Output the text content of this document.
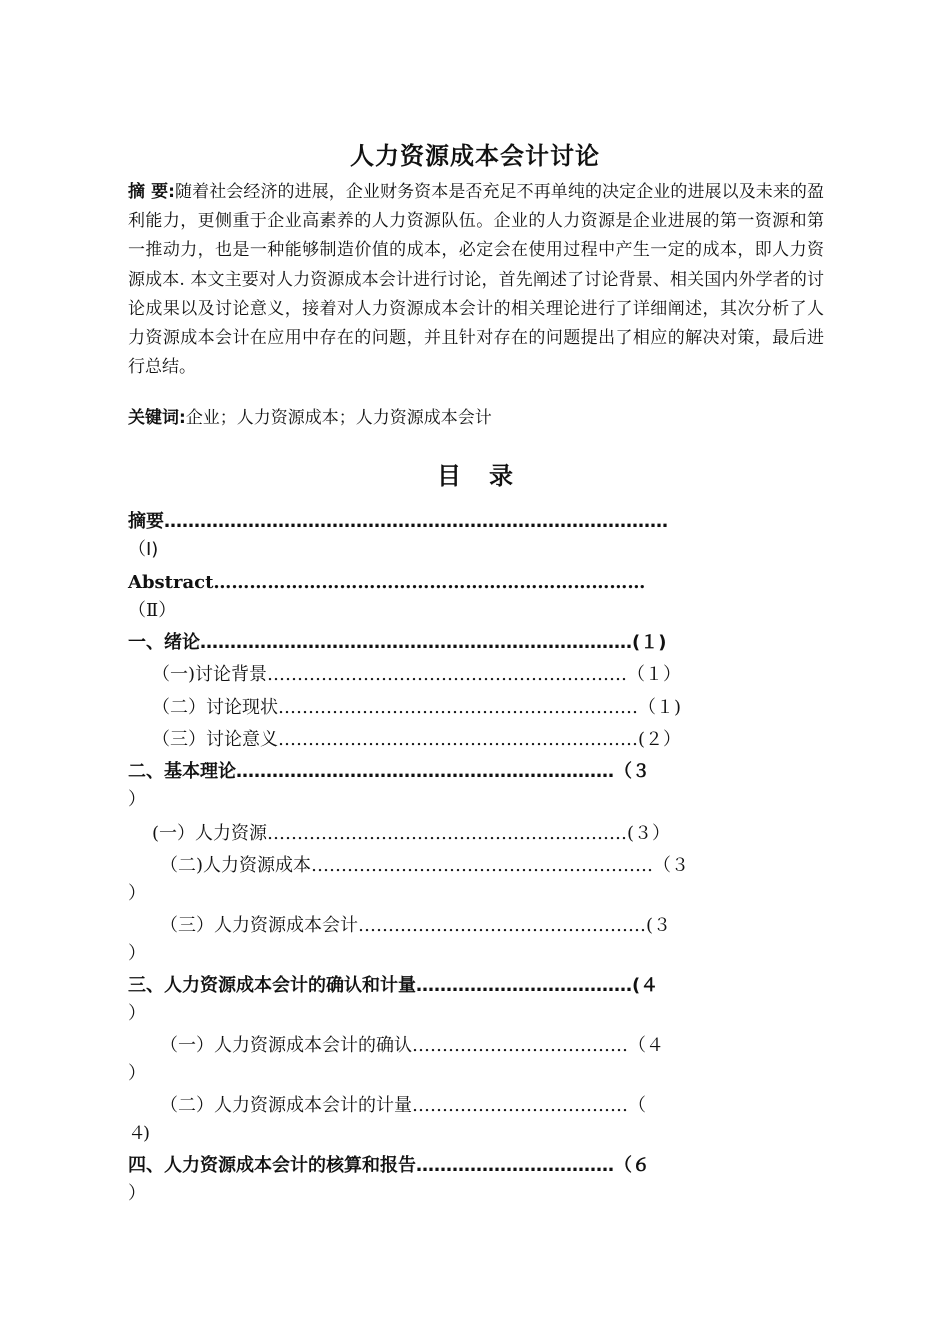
人力资源成本会计讨论

摘 要:随着社会经济的进展，企业财务资本是否充足不再单纯的决定企业的进展以及未来的盈利能力，更侧重于企业高素养的人力资源队伍。企业的人力资源是企业进展的第一资源和第一推动力，也是一种能够制造价值的成本，必定会在使用过程中产生一定的成本，即人力资源成本. 本文主要对人力资源成本会计进行讨论，首先阐述了讨论背景、相关国内外学者的讨论成果以及讨论意义，接着对人力资源成本会计的相关理论进行了详细阐述，其次分析了人力资源成本会计在应用中存在的问题，并且针对存在的问题提出了相应的解决对策，最后进行总结。

关键词:企业；人力资源成本；人力资源成本会计

目 录
摘要…………………………………………………………………………
（Ⅰ)
Abstract………………………………………………………………
（Ⅱ）
一、绪论………………………………………………………………(１)
（一)讨论背景……………………………………………………（１）
（二）讨论现状……………………………………………………（１)
（三）讨论意义……………………………………………………(２）
二、基本理论………………………………………………………（３
）
(一）人力资源……………………………………………………(３）
（二)人力资源成本…………………………………………………（３
）
（三）人力资源成本会计…………………………………………(３
）
三、人力资源成本会计的确认和计量………………………………(４
）
（一）人力资源成本会计的确认………………………………（４
）
（二）人力资源成本会计的计量………………………………（
４)
四、人力资源成本会计的核算和报告……………………………（６
）
